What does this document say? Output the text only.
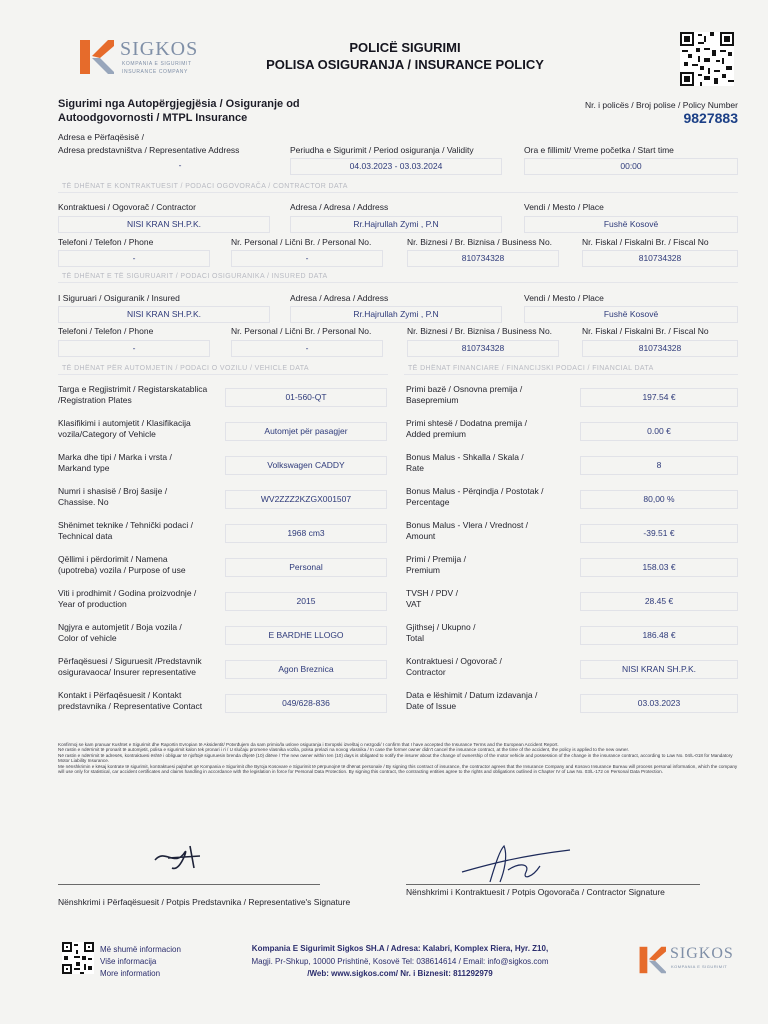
SIGKOS
KOMPANIA E SIGURIMIT
INSURANCE COMPANY
POLICË SIGURIMI
POLISA OSIGURANJA / INSURANCE POLICY
Sigurimi nga Autopërgjegjësia / Osiguranje od
Autoodgovornosti / MTPL Insurance
Nr. i policës / Broj polise / Policy Number
9827883
Adresa e Përfaqësisë /
Adresa predstavništva / Representative Address
-
Periudha e Sigurimit / Period osiguranja / Validity
04.03.2023 - 03.03.2024
Ora e fillimit/ Vreme početka / Start time
00:00
TË DHËNAT E KONTRAKTUESIT / PODACI OGOVORAČA / CONTRACTOR DATA
Kontraktuesi / Ogovorač / Contractor
NISI KRAN SH.P.K.
Adresa / Adresa / Address
Rr.Hajrullah Zymi , P.N
Vendi / Mesto / Place
Fushë Kosovë
Telefoni / Telefon / Phone
-
Nr. Personal / Lični Br. / Personal No.
-
Nr. Biznesi / Br. Biznisa / Business No.
810734328
Nr. Fiskal / Fiskalni Br. / Fiscal No
810734328
TË DHËNAT E TË SIGURUARIT / PODACI OSIGURANIKA / INSURED DATA
I Siguruari / Osiguranik / Insured
NISI KRAN SH.P.K.
Adresa / Adresa / Address
Rr.Hajrullah Zymi , P.N
Vendi / Mesto / Place
Fushë Kosovë
Telefoni / Telefon / Phone
-
Nr. Personal / Lični Br. / Personal No.
-
Nr. Biznesi / Br. Biznisa / Business No.
810734328
Nr. Fiskal / Fiskalni Br. / Fiscal No
810734328
TË DHËNAT PËR AUTOMJETIN / PODACI O VOZILU / VEHICLE DATA	TË DHËNAT FINANCIARE / FINANCIJSKI PODACI / FINANCIAL DATA
Targa e Regjistrimit / Registarskatablica
/Registration Plates	01-560-QT
Klasifikimi i automjetit / Klasifikacija
vozila/Category of Vehicle	Automjet për pasagjer
Marka dhe tipi / Marka i vrsta /
Markand type	Volkswagen CADDY
Numri i shasisë / Broj šasije /
Chassise. No	WV2ZZZ2KZGX001507
Shënimet teknike / Tehnički podaci /
Technical data	1968 cm3
Qëllimi i përdorimit / Namena
(upotreba) vozila / Purpose of use	Personal
Viti i prodhimit / Godina proizvodnje /
Year of production	2015
Ngjyra e automjetit / Boja vozila /
Color of vehicle	E BARDHE LLOGO
Përfaqësuesi / Siguruesit /Predstavnik
osiguravaoca/ Insurer representative	Agon Breznica
Kontakt i Përfaqësuesit / Kontakt
predstavnika / Representative Contact	049/628-836
Primi bazë / Osnovna premija /
Basepremium	197.54 €
Primi shtesë / Dodatna premija /
Added premium	0.00 €
Bonus Malus - Shkalla / Skala /
Rate	8
Bonus Malus - Përqindja / Postotak /
Percentage	80,00 %
Bonus Malus - Vlera / Vrednost /
Amount	-39.51 €
Primi / Premija /
Premium	158.03 €
TVSH / PDV /
VAT	28.45 €
Gjithsej / Ukupno /
Total	186.48 €
Kontraktuesi / Ogovorač /
Contractor	NISI KRAN SH.P.K.
Data e lëshimit / Datum izdavanja /
Date of Issue	03.03.2023
Konfirmoj se kam pranuar Kushtet e Sigurimit dhe Raportin Evropian të Aksidentit/ Potvrđujem da sam primio/la uslove osiguranja i Evropski izveštaj o nezgodi/ I confirm that I have accepted the Insurance Terms and the European Accident Report.
Në rastin e ndërrimit të pronarit të automjetit, polisa e sigurimit kalon tek pronari i ri / U slučaju promene vlasnika vozila, polisa prelazi na novog vlasnika / In case the former owner didn't cancel the insurance contract, at the time of the accident, the policy is applied to the new owner.
Në rastin e ndërrimit të adresës, kontraktuesi është i obliguar të njoftojë siguruesin brenda dhjetë (10) ditëve / The new owner within ten (10) days is obligated to notify the insurer about the change of ownership of the motor vehicle and possession of the change in the insurance contract, according to Law No. 04/L-018 for Mandatory Motor Liability Insurance.
Me nënshkrimin e kësaj kontrate të sigurimit, kontraktuesi pajtohet që Kompania e Sigurimit dhe Byroja Kosovare e Sigurimit të përpunojnë të dhënat personale / By signing this contract of insurance, the contractor agrees that the Insurance Company and Kosovo Insurance Bureau will process personal information, which the company will use only for statistical, car accident certificates and claims handling in accordance with the legislation in force for Personal Data Protection. By signing this contract, the contracting entities agree to the rights and obligations outlined in Chapter IV of Law No. 03/L-172 on Personal Data Protection.
Nënshkrimi i Përfaqësuesit / Potpis Predstavnika / Representative's Signature
Nënshkrimi i Kontraktuesit / Potpis Ogovorača / Contractor Signature
Më shumë informacion
Više informacija
More information
Kompania E Sigurimit Sigkos SH.A / Adresa: Kalabri, Kompleх Riera, Hyr. Z10,
Magji. Pr-Shkup, 10000 Prishtinë, Kosovë Tel: 038614614 / Email: info@sigkos.com
/Web: www.sigkos.com/ Nr. i Biznesit: 811292979
SIGKOS
KOMPANIA E SIGURIMIT
